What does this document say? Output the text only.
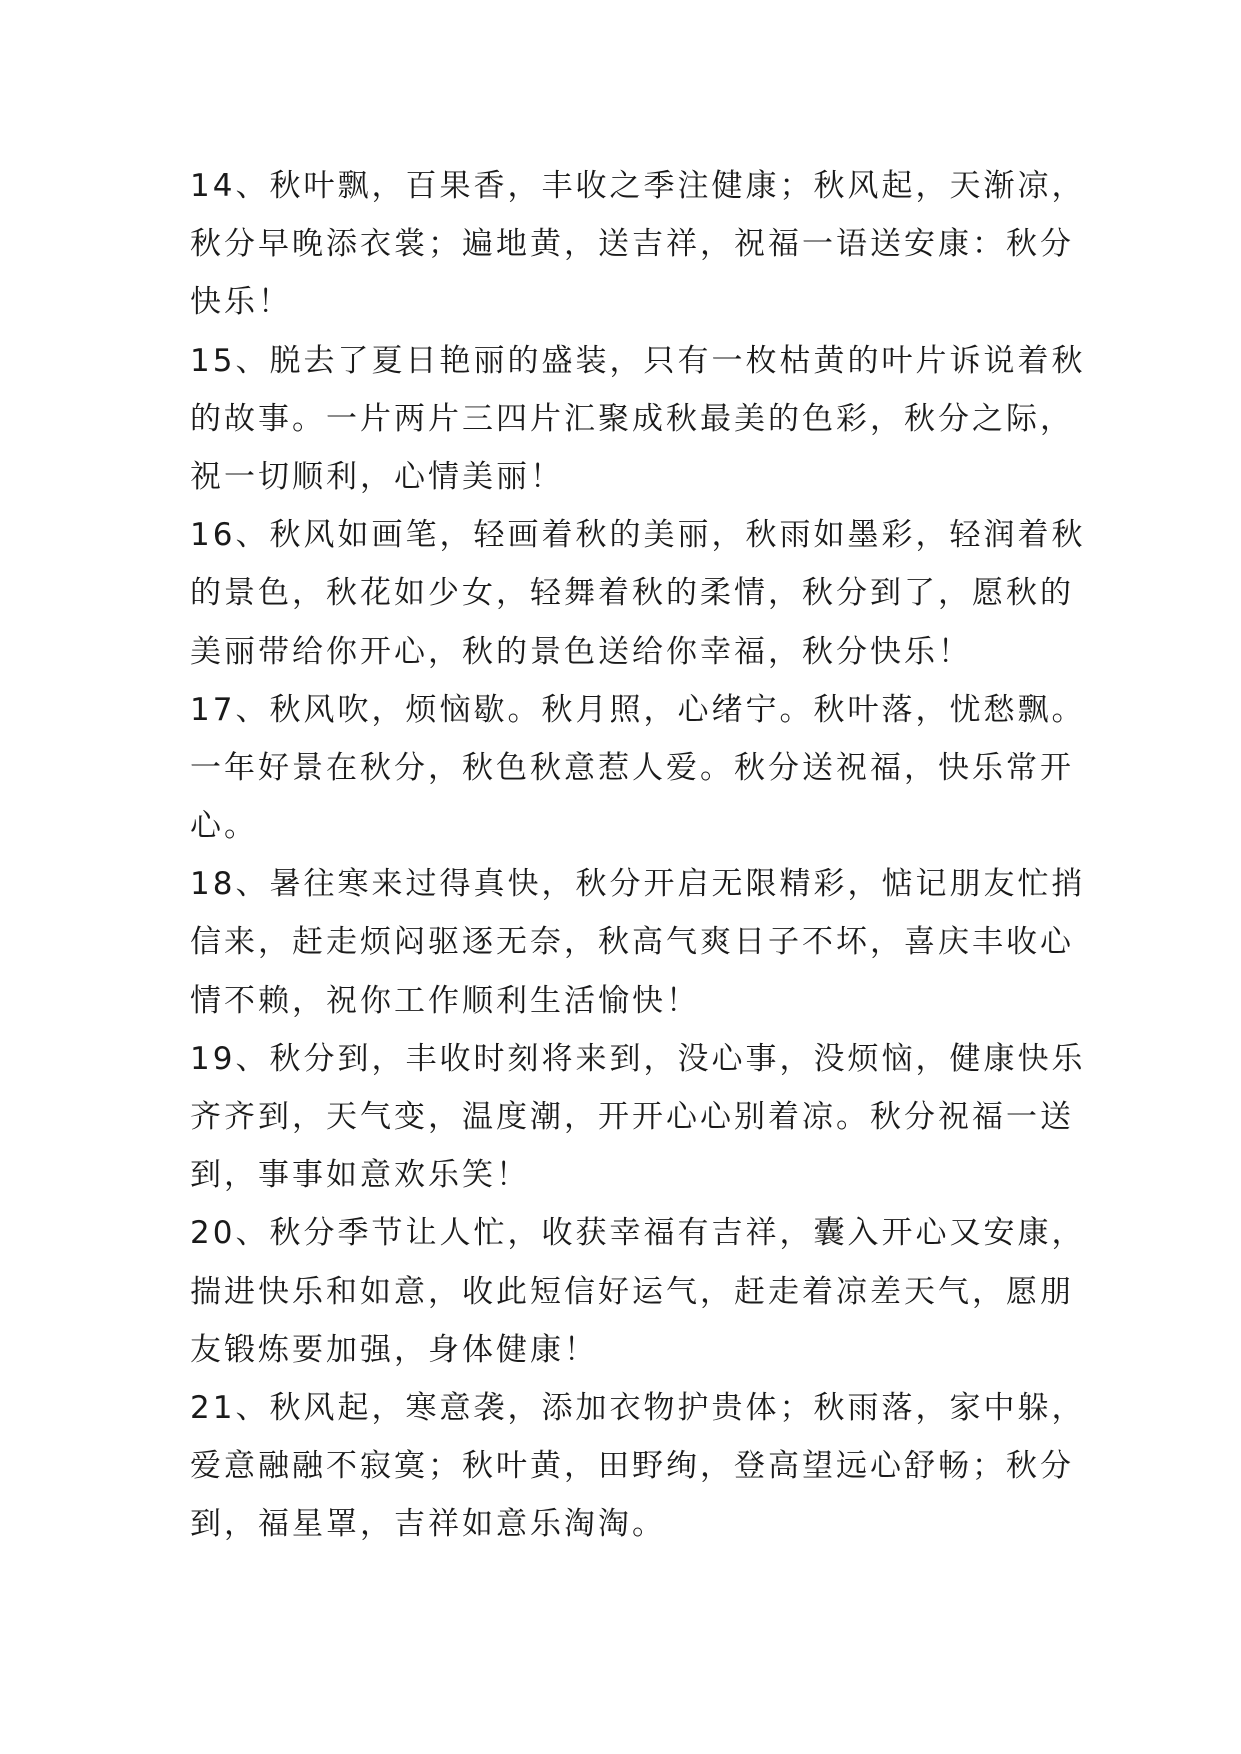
14、秋叶飘，百果香，丰收之季注健康；秋风起，天渐凉，
秋分早晚添衣裳；遍地黄，送吉祥，祝福一语送安康：秋分
快乐！
15、脱去了夏日艳丽的盛装，只有一枚枯黄的叶片诉说着秋
的故事。一片两片三四片汇聚成秋最美的色彩，秋分之际，
祝一切顺利，心情美丽！
16、秋风如画笔，轻画着秋的美丽，秋雨如墨彩，轻润着秋
的景色，秋花如少女，轻舞着秋的柔情，秋分到了，愿秋的
美丽带给你开心，秋的景色送给你幸福，秋分快乐！
17、秋风吹，烦恼歇。秋月照，心绪宁。秋叶落，忧愁飘。
一年好景在秋分，秋色秋意惹人爱。秋分送祝福，快乐常开
心。
18、暑往寒来过得真快，秋分开启无限精彩，惦记朋友忙捎
信来，赶走烦闷驱逐无奈，秋高气爽日子不坏，喜庆丰收心
情不赖，祝你工作顺利生活愉快！
19、秋分到，丰收时刻将来到，没心事，没烦恼，健康快乐
齐齐到，天气变，温度潮，开开心心别着凉。秋分祝福一送
到，事事如意欢乐笑！
20、秋分季节让人忙，收获幸福有吉祥，囊入开心又安康，
揣进快乐和如意，收此短信好运气，赶走着凉差天气，愿朋
友锻炼要加强，身体健康！
21、秋风起，寒意袭，添加衣物护贵体；秋雨落，家中躲，
爱意融融不寂寞；秋叶黄，田野绚，登高望远心舒畅；秋分
到，福星罩，吉祥如意乐淘淘。
